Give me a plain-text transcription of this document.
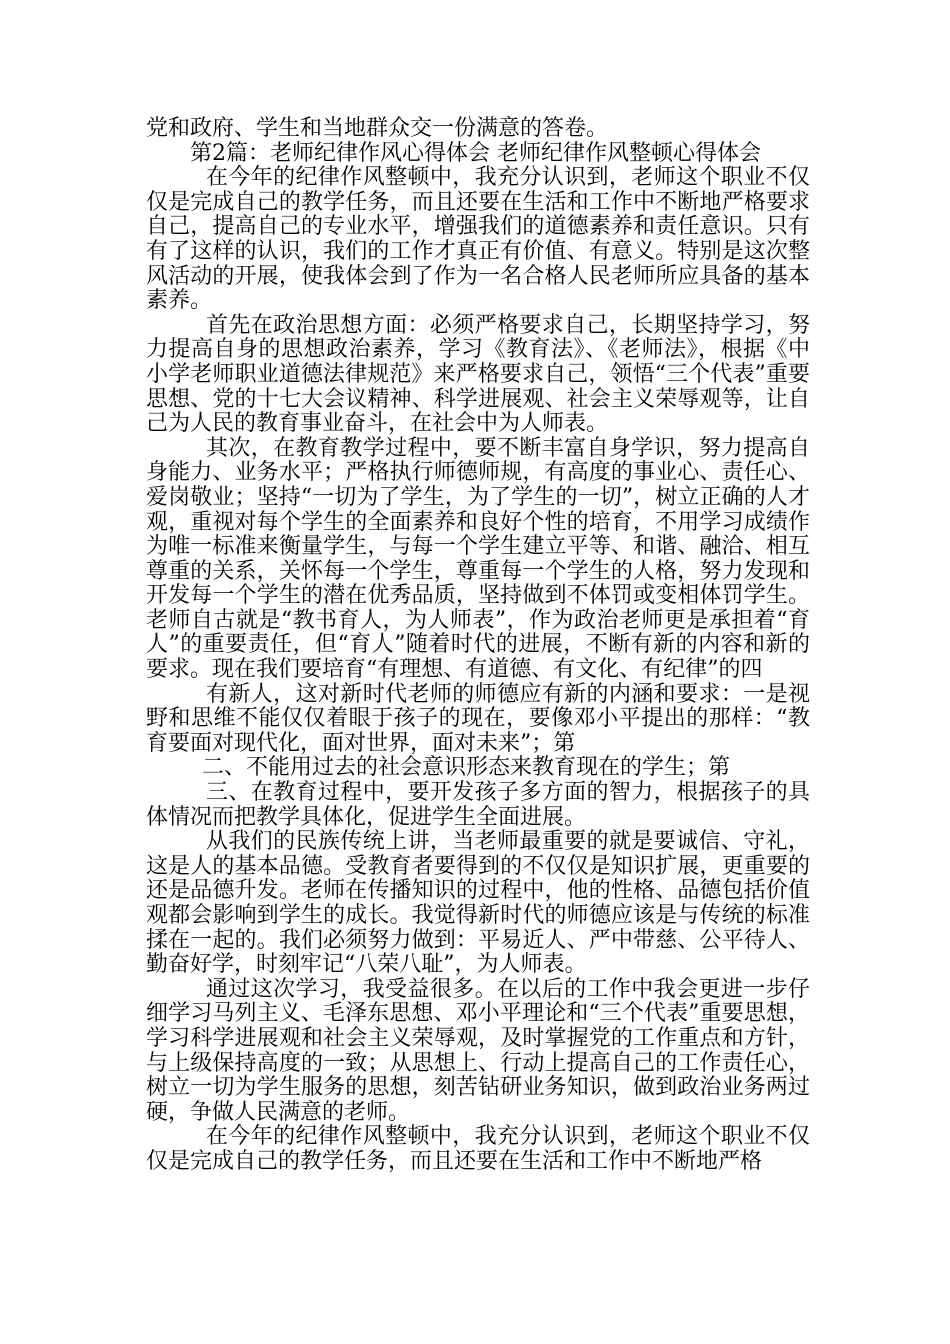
党和政府、学生和当地群众交一份满意的答卷。

第2篇：老师纪律作风心得体会 老师纪律作风整顿心得体会

在今年的纪律作风整顿中，我充分认识到，老师这个职业不仅仅是完成自己的教学任务，而且还要在生活和工作中不断地严格要求自己，提高自己的专业水平，增强我们的道德素养和责任意识。只有有了这样的认识，我们的工作才真正有价值、有意义。特别是这次整风活动的开展，使我体会到了作为一名合格人民老师所应具备的基本素养。

首先在政治思想方面：必须严格要求自己，长期坚持学习，努力提高自身的思想政治素养，学习《教育法》、《老师法》，根据《中小学老师职业道德法律规范》来严格要求自己，领悟“三个代表”重要思想、党的十七大会议精神、科学进展观、社会主义荣辱观等，让自己为人民的教育事业奋斗，在社会中为人师表。

其次，在教育教学过程中，要不断丰富自身学识，努力提高自身能力、业务水平；严格执行师德师规，有高度的事业心、责任心、爱岗敬业；坚持“一切为了学生，为了学生的一切”，树立正确的人才观，重视对每个学生的全面素养和良好个性的培育，不用学习成绩作为唯一标准来衡量学生，与每一个学生建立平等、和谐、融洽、相互尊重的关系，关怀每一个学生，尊重每一个学生的人格，努力发现和开发每一个学生的潜在优秀品质，坚持做到不体罚或变相体罚学生。老师自古就是“教书育人，为人师表”，作为政治老师更是承担着“育人”的重要责任，但“育人”随着时代的进展，不断有新的内容和新的要求。现在我们要培育“有理想、有道德、有文化、有纪律”的四

有新人，这对新时代老师的师德应有新的内涵和要求：一是视野和思维不能仅仅着眼于孩子的现在，要像邓小平提出的那样：“教育要面对现代化，面对世界，面对未来”；第

二、不能用过去的社会意识形态来教育现在的学生；第

三、在教育过程中，要开发孩子多方面的智力，根据孩子的具体情况而把教学具体化，促进学生全面进展。

从我们的民族传统上讲，当老师最重要的就是要诚信、守礼，这是人的基本品德。受教育者要得到的不仅仅是知识扩展，更重要的还是品德升发。老师在传播知识的过程中，他的性格、品德包括价值观都会影响到学生的成长。我觉得新时代的师德应该是与传统的标准揉在一起的。我们必须努力做到：平易近人、严中带慈、公平待人、勤奋好学，时刻牢记“八荣八耻”，为人师表。

通过这次学习，我受益很多。在以后的工作中我会更进一步仔细学习马列主义、毛泽东思想、邓小平理论和“三个代表”重要思想，学习科学进展观和社会主义荣辱观，及时掌握党的工作重点和方针，与上级保持高度的一致；从思想上、行动上提高自己的工作责任心，树立一切为学生服务的思想，刻苦钻研业务知识，做到政治业务两过硬，争做人民满意的老师。

在今年的纪律作风整顿中，我充分认识到，老师这个职业不仅仅是完成自己的教学任务，而且还要在生活和工作中不断地严格
